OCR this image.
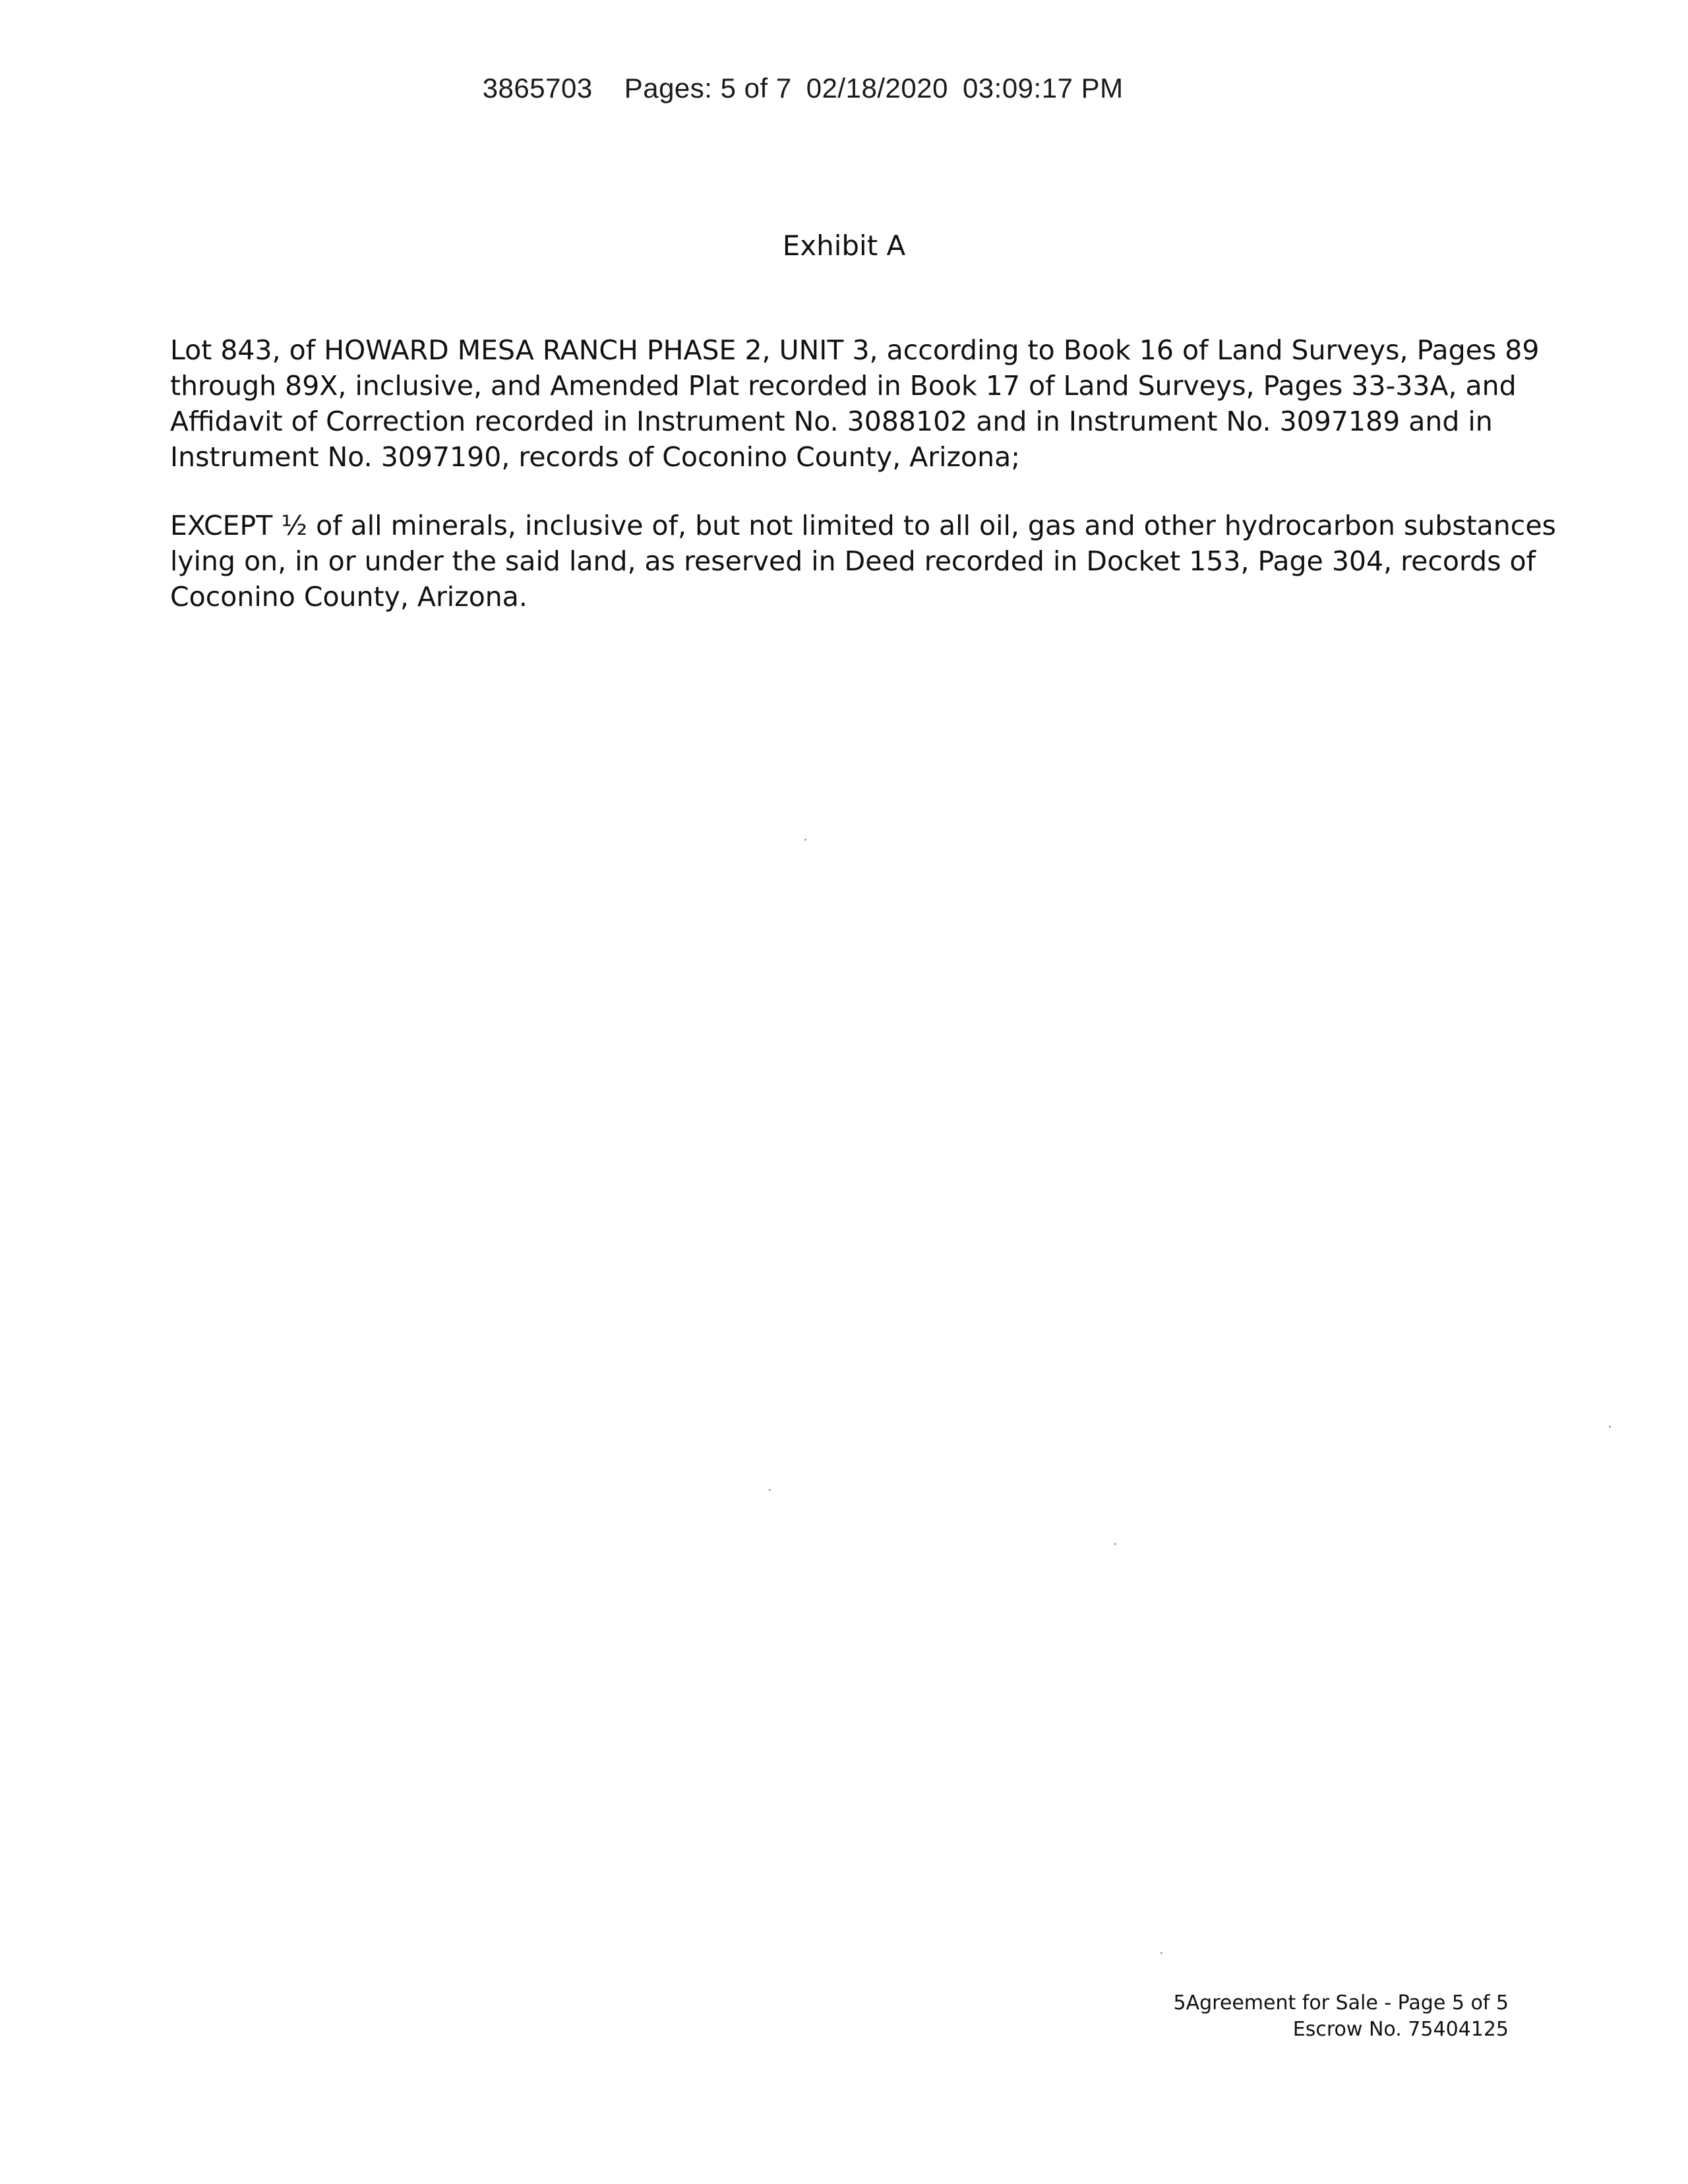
3865703 Pages: 5 of 7 02/18/2020 03:09:17 PM

Exhibit A
Lot 843, of HOWARD MESA RANCH PHASE 2, UNIT 3, according to Book 16 of Land Surveys, Pages 89
through 89X, inclusive, and Amended Plat recorded in Book 17 of Land Surveys, Pages 33-33A, and
Affidavit of Correction recorded in Instrument No. 3088102 and in Instrument No. 3097189 and in
Instrument No. 3097190, records of Coconino County, Arizona;
EXCEPT ½ of all minerals, inclusive of, but not limited to all oil, gas and other hydrocarbon substances
lying on, in or under the said land, as reserved in Deed recorded in Docket 153, Page 304, records of
Coconino County, Arizona.
5Agreement for Sale - Page 5 of 5
Escrow No. 75404125
